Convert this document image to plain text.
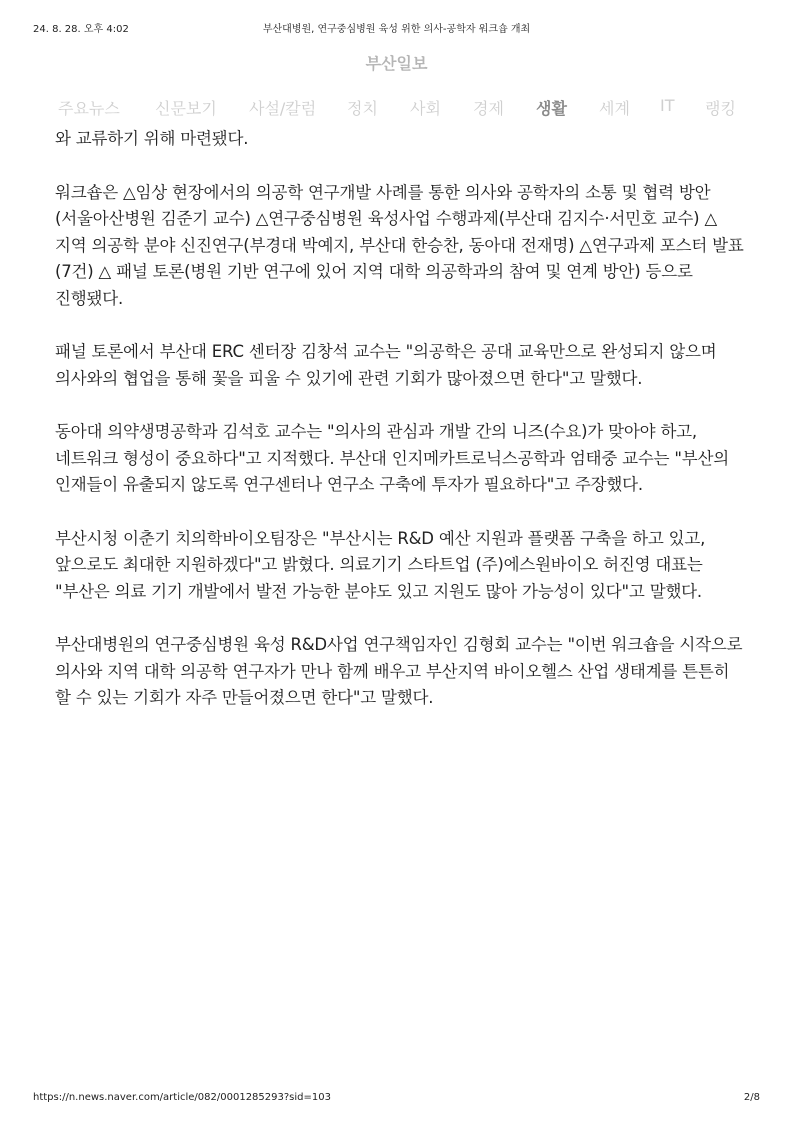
부산대병원, 연구중심병원 육성 위한 의사-공학자 워크숍 개최
24. 8. 28. 오후 4:02
부산일보
주요뉴스 신문보기 사설/칼럼 정치 사회 경제 생활 세계 IT 랭킹

와 교류하기 위해 마련됐다.

워크숍은 △임상 현장에서의 의공학 연구개발 사례를 통한 의사와 공학자의 소통 및 협력 방안(서울아산병원 김준기 교수) △연구중심병원 육성사업 수행과제(부산대 김지수·서민호 교수) △지역 의공학 분야 신진연구(부경대 박예지, 부산대 한승찬, 동아대 전재명) △연구과제 포스터 발표(7건) △ 패널 토론(병원 기반 연구에 있어 지역 대학 의공학과의 참여 및 연계 방안) 등으로 진행됐다.

패널 토론에서 부산대 ERC 센터장 김창석 교수는 "의공학은 공대 교육만으로 완성되지 않으며 의사와의 협업을 통해 꽃을 피울 수 있기에 관련 기회가 많아졌으면 한다"고 말했다.

동아대 의약생명공학과 김석호 교수는 "의사의 관심과 개발 간의 니즈(수요)가 맞아야 하고, 네트워크 형성이 중요하다"고 지적했다. 부산대 인지메카트로닉스공학과 엄태중 교수는 "부산의 인재들이 유출되지 않도록 연구센터나 연구소 구축에 투자가 필요하다"고 주장했다.

부산시청 이춘기 치의학바이오팀장은 "부산시는 R&D 예산 지원과 플랫폼 구축을 하고 있고, 앞으로도 최대한 지원하겠다"고 밝혔다. 의료기기 스타트업 (주)에스원바이오 허진영 대표는 "부산은 의료 기기 개발에서 발전 가능한 분야도 있고 지원도 많아 가능성이 있다"고 말했다.

부산대병원의 연구중심병원 육성 R&D사업 연구책임자인 김형회 교수는 "이번 워크숍을 시작으로 의사와 지역 대학 의공학 연구자가 만나 함께 배우고 부산지역 바이오헬스 산업 생태계를 튼튼히 할 수 있는 기회가 자주 만들어졌으면 한다"고 말했다.

https://n.news.naver.com/article/082/0001285293?sid=103	2/8
